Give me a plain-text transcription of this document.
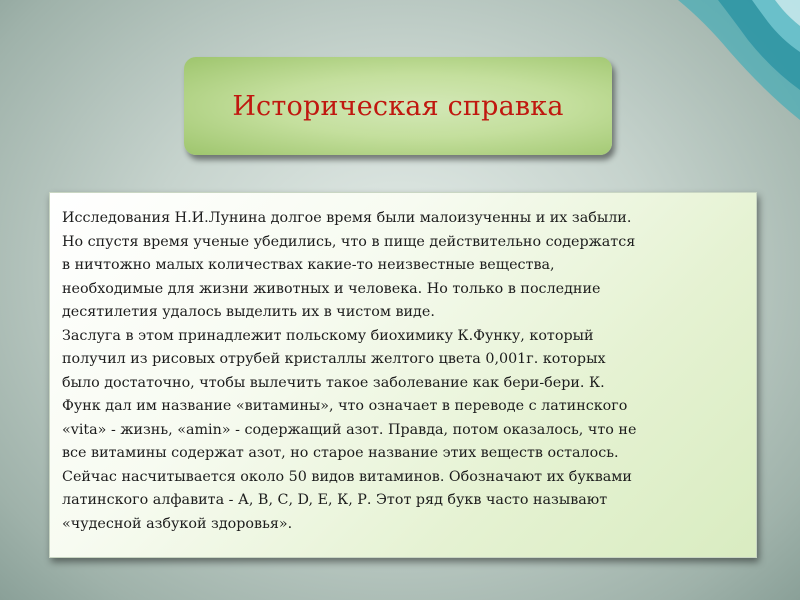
Историческая справка

Исследования Н.И.Лунина долгое время были малоизученны и их забыли.
Но спустя время ученые убедились, что в пище действительно содержатся
в ничтожно малых количествах какие-то неизвестные вещества,
необходимые для жизни животных и человека. Но только в последние
десятилетия удалось выделить их в чистом виде.
Заслуга в этом принадлежит польскому биохимику К.Функу, который
получил из рисовых отрубей кристаллы желтого цвета 0,001г. которых
было достаточно, чтобы вылечить такое заболевание как бери-бери. К.
Функ дал им название «витамины», что означает в переводе с латинского
«vita» - жизнь, «amin» - содержащий азот. Правда, потом оказалось, что не
все витамины содержат азот, но старое название этих веществ осталось.
Сейчас насчитывается около 50 видов витаминов. Обозначают их буквами
латинского алфавита - А, В, С, D, Е, К, Р. Этот ряд букв часто называют
«чудесной азбукой здоровья».
